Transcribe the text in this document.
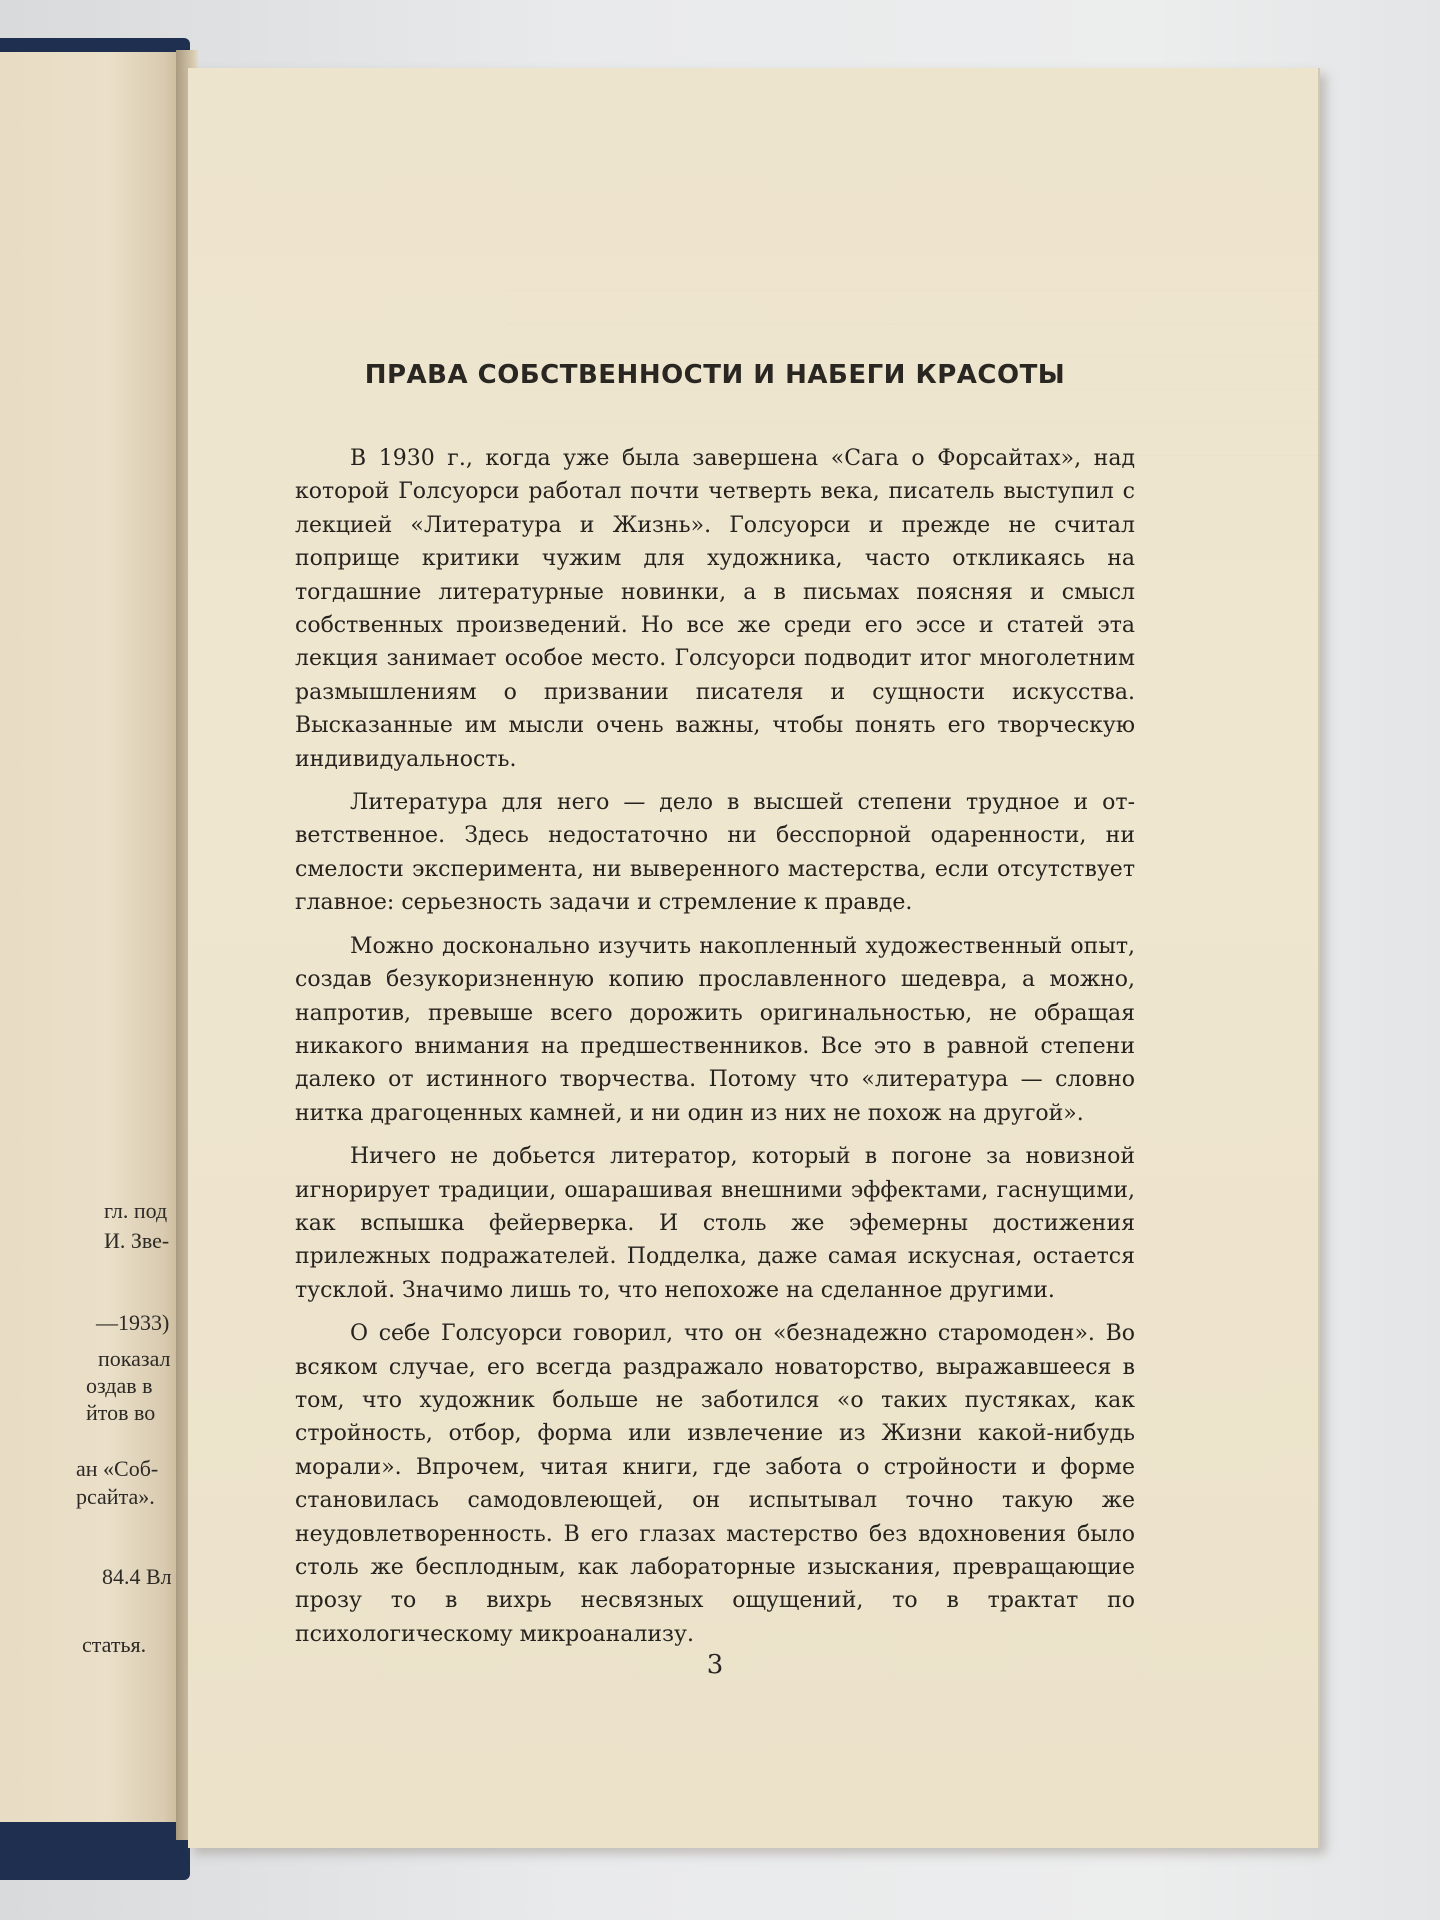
гл. под
И. Зве-
—1933)
показал
оздав в
йтов во
ан «Соб-
рсайта».
84.4 Вл
статья.
ПРАВА СОБСТВЕННОСТИ И НАБЕГИ КРАСОТЫ

В 1930 г., когда уже была завершена «Сага о Форсайтах», над которой Голсуорси работал почти четверть века, писатель выступил с лекцией «Литература и Жизнь». Голсуорси и прежде не считал поприще критики чужим для художника, часто откликаясь на тогдашние литературные новинки, а в письмах поясняя и смысл собственных произведений. Но все же среди его эссе и статей эта лекция занимает особое место. Голсуорси подводит итог многолетним размышлениям о призвании писателя и сущности искусства. Высказанные им мысли очень важны, чтобы понять его творческую индивидуальность.

Литература для него — дело в высшей степени трудное и ответственное. Здесь недостаточно ни бесспорной одаренности, ни смелости эксперимента, ни выверенного мастерства, если отсутствует главное: серьезность задачи и стремление к правде.

Можно досконально изучить накопленный художественный опыт, создав безукоризненную копию прославленного шедевра, а можно, напротив, превыше всего дорожить оригинальностью, не обращая никакого внимания на предшественников. Все это в равной степени далеко от истинного творчества. Потому что «литература — словно нитка драгоценных камней, и ни один из них не похож на другой».

Ничего не добьется литератор, который в погоне за новизной игнорирует традиции, ошарашивая внешними эффектами, гаснущими, как вспышка фейерверка. И столь же эфемерны достижения прилежных подражателей. Подделка, даже самая искусная, остается тусклой. Значимо лишь то, что непохоже на сделанное другими.

О себе Голсуорси говорил, что он «безнадежно старомоден». Во всяком случае, его всегда раздражало новаторство, выражавшееся в том, что художник больше не заботился «о таких пустяках, как стройность, отбор, форма или извлечение из Жизни какой-нибудь морали». Впрочем, читая книги, где забота о стройности и форме становилась самодовлеющей, он испытывал точно такую же неудовлетворенность. В его глазах мастерство без вдохновения было столь же бесплодным, как лабораторные изыскания, превращающие прозу то в вихрь несвязных ощущений, то в трактат по психологическому микроанализу.

3
